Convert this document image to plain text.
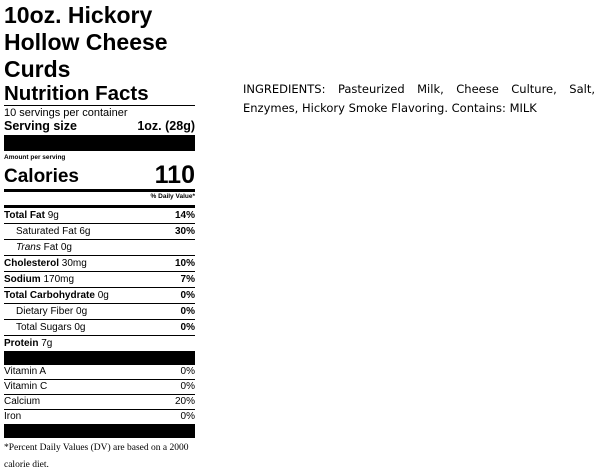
10oz. Hickory Hollow Cheese Curds
Nutrition Facts
10 servings per container
Serving size	1oz. (28g)
Amount per serving
Calories	110
% Daily Value*
Total Fat 9g	14%
Saturated Fat 6g	30%
Trans Fat 0g
Cholesterol 30mg	10%
Sodium 170mg	7%
Total Carbohydrate 0g	0%
Dietary Fiber 0g	0%
Total Sugars 0g	0%
Protein 7g
Vitamin A	0%
Vitamin C	0%
Calcium	20%
Iron	0%
*Percent Daily Values (DV) are based on a 2000 calorie diet.

INGREDIENTS: Pasteurized Milk, Cheese Culture, Salt, Enzymes, Hickory Smoke Flavoring. Contains: MILK
